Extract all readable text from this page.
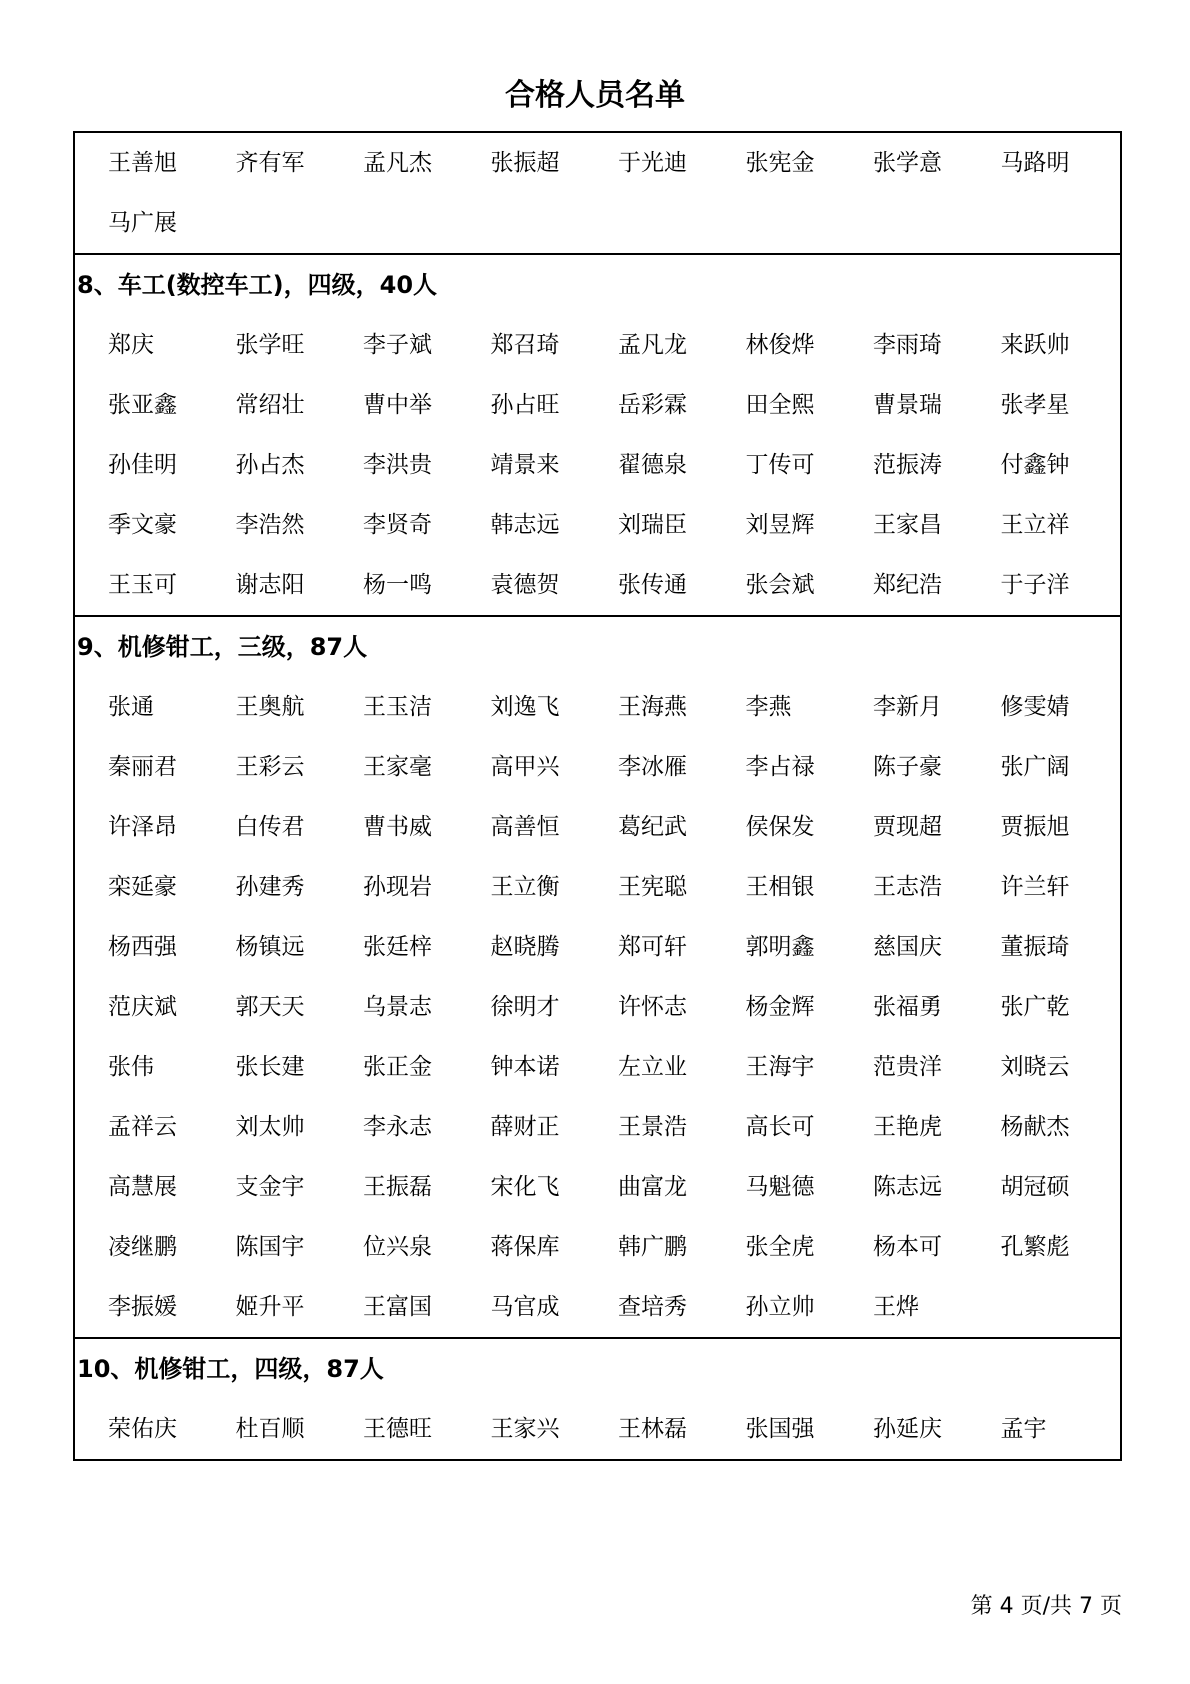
合格人员名单
王善旭	齐有军	孟凡杰	张振超	于光迪	张宪金	张学意	马路明
马广展
8、车工(数控车工)，四级，40人
郑庆	张学旺	李子斌	郑召琦	孟凡龙	林俊烨	李雨琦	来跃帅
张亚鑫	常绍壮	曹中举	孙占旺	岳彩霖	田全熙	曹景瑞	张孝星
孙佳明	孙占杰	李洪贵	靖景来	翟德泉	丁传可	范振涛	付鑫钟
季文豪	李浩然	李贤奇	韩志远	刘瑞臣	刘昱辉	王家昌	王立祥
王玉可	谢志阳	杨一鸣	袁德贺	张传通	张会斌	郑纪浩	于子洋
9、机修钳工，三级，87人
张通	王奥航	王玉洁	刘逸飞	王海燕	李燕	李新月	修雯婧
秦丽君	王彩云	王家毫	高甲兴	李冰雁	李占禄	陈子豪	张广阔
许泽昂	白传君	曹书威	高善恒	葛纪武	侯保发	贾现超	贾振旭
栾延豪	孙建秀	孙现岩	王立衡	王宪聪	王相银	王志浩	许兰轩
杨西强	杨镇远	张廷梓	赵晓腾	郑可轩	郭明鑫	慈国庆	董振琦
范庆斌	郭天天	乌景志	徐明才	许怀志	杨金辉	张福勇	张广乾
张伟	张长建	张正金	钟本诺	左立业	王海宇	范贵洋	刘晓云
孟祥云	刘太帅	李永志	薛财正	王景浩	高长可	王艳虎	杨献杰
高慧展	支金宇	王振磊	宋化飞	曲富龙	马魁德	陈志远	胡冠硕
凌继鹏	陈国宇	位兴泉	蒋保库	韩广鹏	张全虎	杨本可	孔繁彪
李振媛	姬升平	王富国	马官成	查培秀	孙立帅	王烨
10、机修钳工，四级，87人
荣佑庆	杜百顺	王德旺	王家兴	王林磊	张国强	孙延庆	孟宇
第 4 页/共 7 页
